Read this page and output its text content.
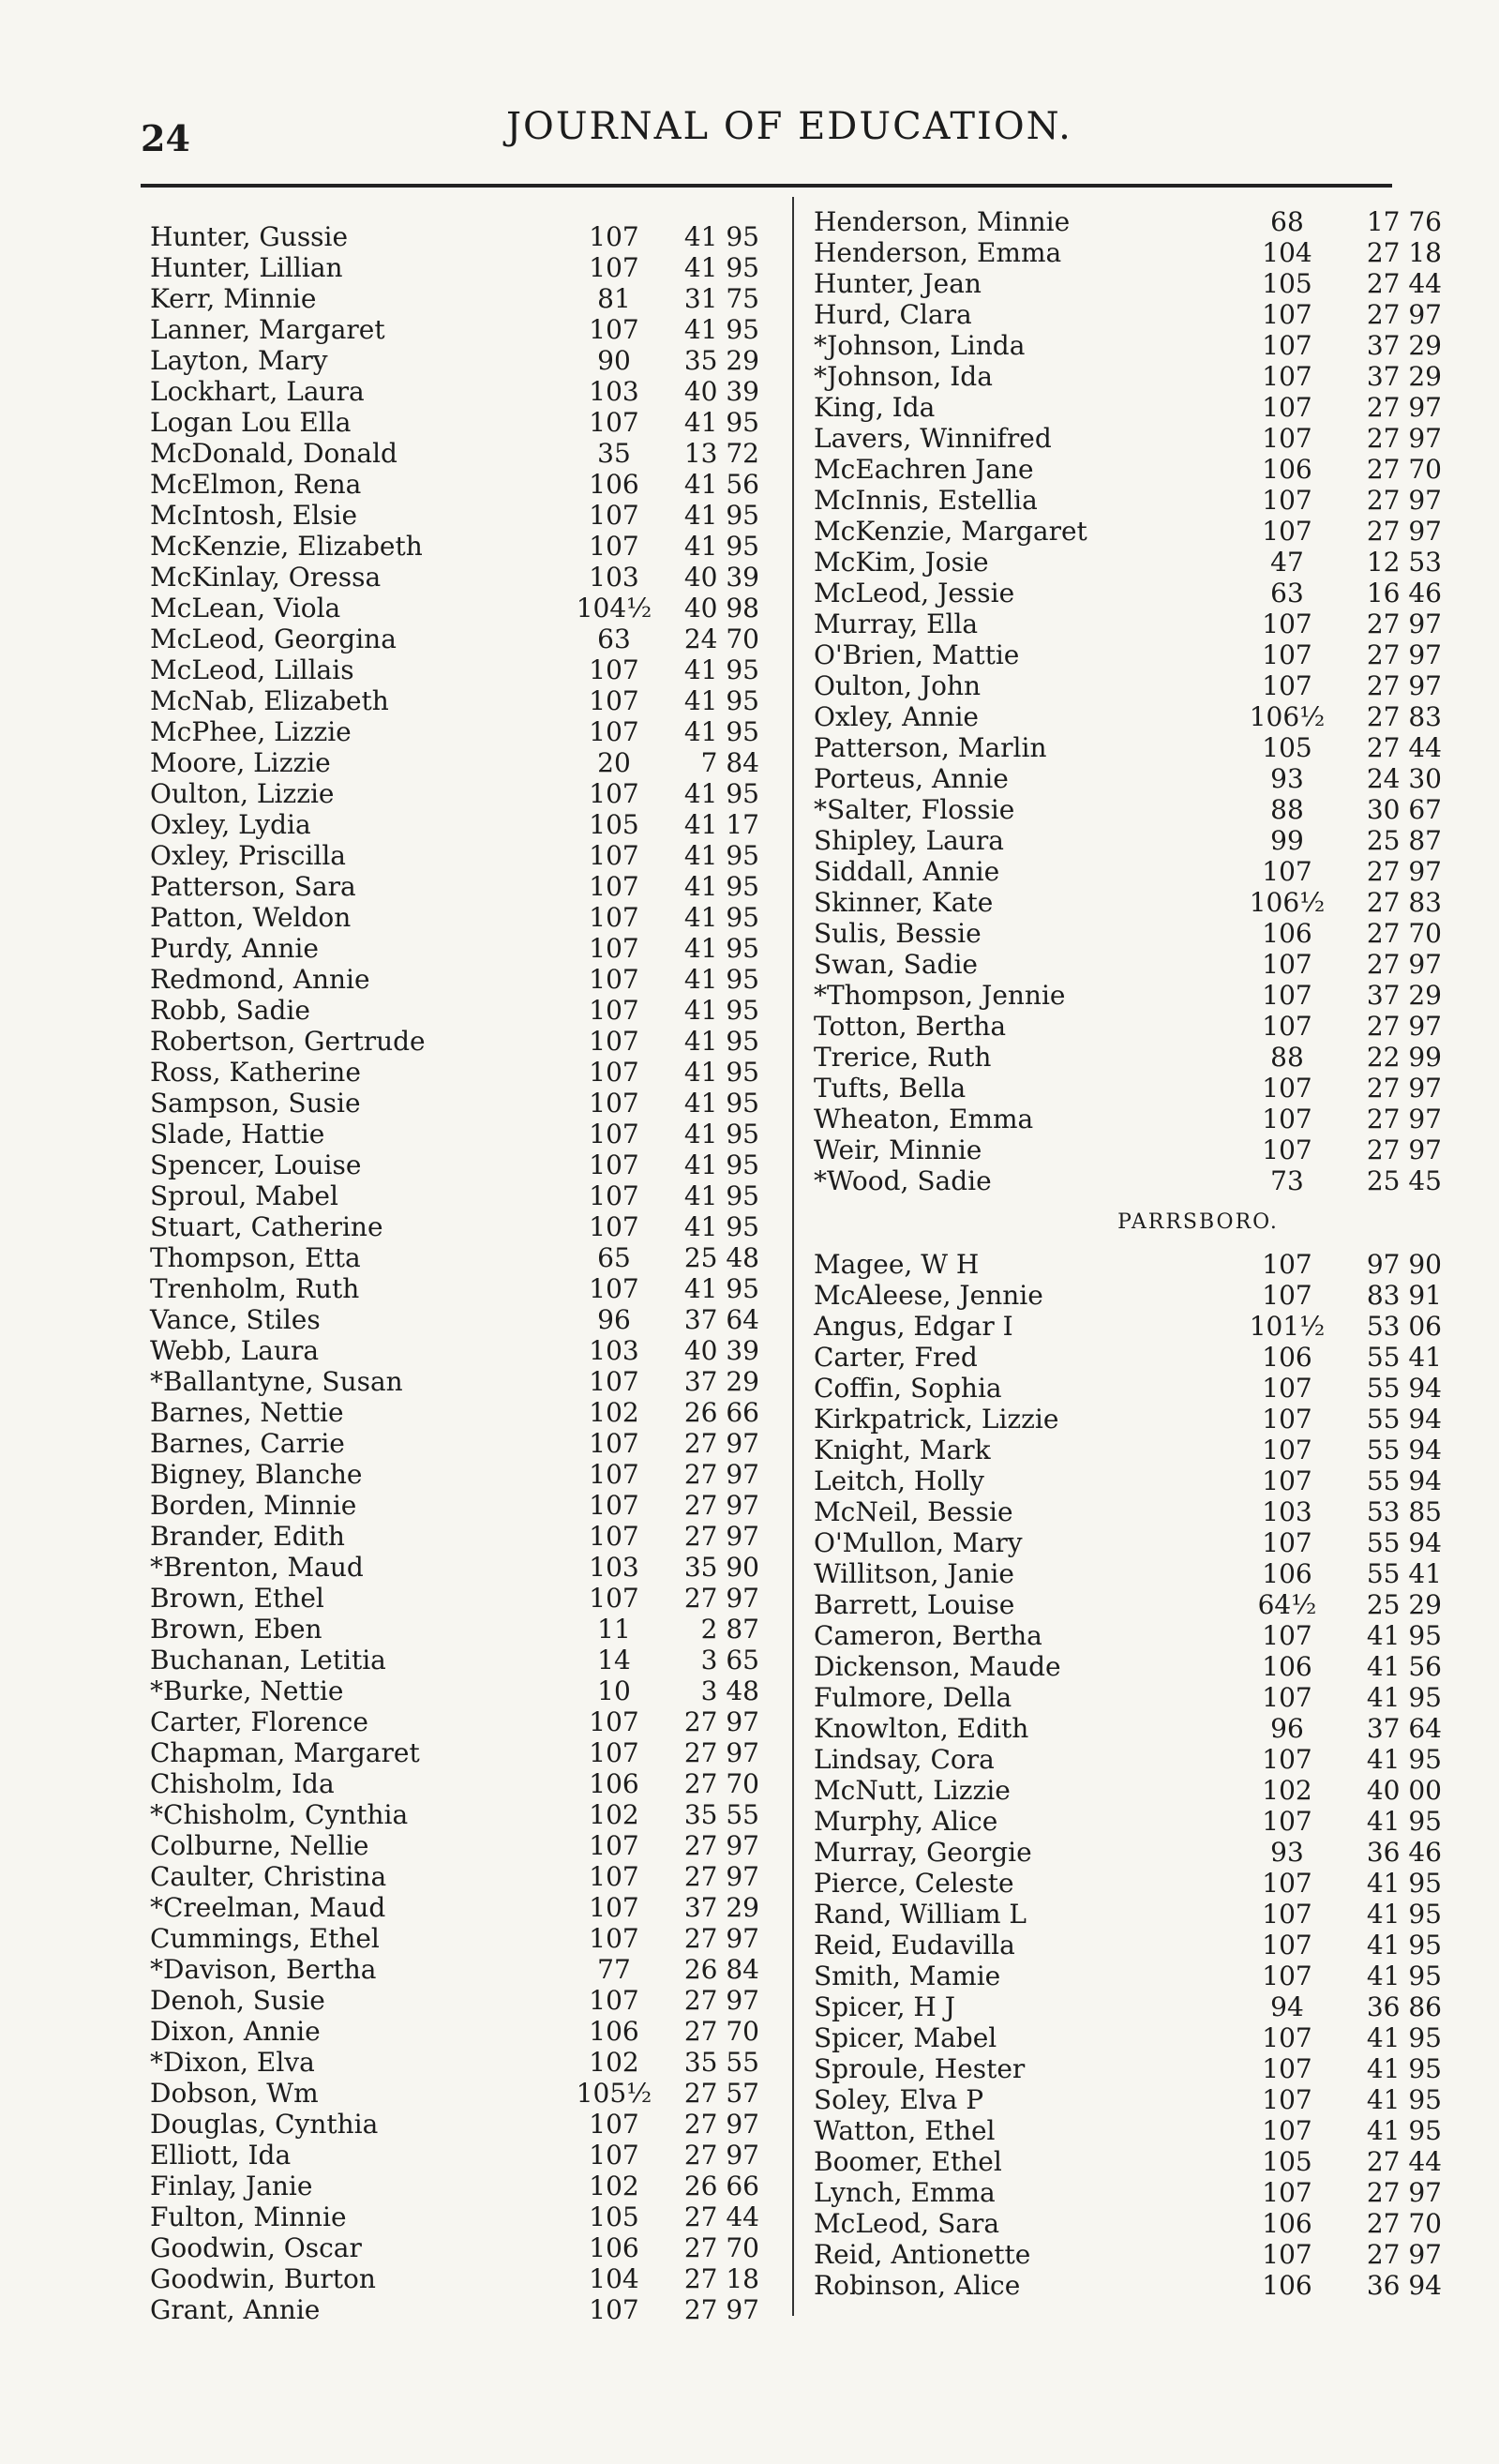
24	JOURNAL OF EDUCATION.
Hunter, Gussie	107	41 95
Hunter, Lillian	107	41 95
Kerr, Minnie	81	31 75
Lanner, Margaret	107	41 95
Layton, Mary	90	35 29
Lockhart, Laura	103	40 39
Logan Lou Ella	107	41 95
McDonald, Donald	35	13 72
McElmon, Rena	106	41 56
McIntosh, Elsie	107	41 95
McKenzie, Elizabeth	107	41 95
McKinlay, Oressa	103	40 39
McLean, Viola	104½	40 98
McLeod, Georgina	63	24 70
McLeod, Lillais	107	41 95
McNab, Elizabeth	107	41 95
McPhee, Lizzie	107	41 95
Moore, Lizzie	20	7 84
Oulton, Lizzie	107	41 95
Oxley, Lydia	105	41 17
Oxley, Priscilla	107	41 95
Patterson, Sara	107	41 95
Patton, Weldon	107	41 95
Purdy, Annie	107	41 95
Redmond, Annie	107	41 95
Robb, Sadie	107	41 95
Robertson, Gertrude	107	41 95
Ross, Katherine	107	41 95
Sampson, Susie	107	41 95
Slade, Hattie	107	41 95
Spencer, Louise	107	41 95
Sproul, Mabel	107	41 95
Stuart, Catherine	107	41 95
Thompson, Etta	65	25 48
Trenholm, Ruth	107	41 95
Vance, Stiles	96	37 64
Webb, Laura	103	40 39
*Ballantyne, Susan	107	37 29
Barnes, Nettie	102	26 66
Barnes, Carrie	107	27 97
Bigney, Blanche	107	27 97
Borden, Minnie	107	27 97
Brander, Edith	107	27 97
*Brenton, Maud	103	35 90
Brown, Ethel	107	27 97
Brown, Eben	11	2 87
Buchanan, Letitia	14	3 65
*Burke, Nettie	10	3 48
Carter, Florence	107	27 97
Chapman, Margaret	107	27 97
Chisholm, Ida	106	27 70
*Chisholm, Cynthia	102	35 55
Colburne, Nellie	107	27 97
Caulter, Christina	107	27 97
*Creelman, Maud	107	37 29
Cummings, Ethel	107	27 97
*Davison, Bertha	77	26 84
Denoh, Susie	107	27 97
Dixon, Annie	106	27 70
*Dixon, Elva	102	35 55
Dobson, Wm	105½	27 57
Douglas, Cynthia	107	27 97
Elliott, Ida	107	27 97
Finlay, Janie	102	26 66
Fulton, Minnie	105	27 44
Goodwin, Oscar	106	27 70
Goodwin, Burton	104	27 18
Grant, Annie	107	27 97
Henderson, Minnie	68	17 76
Henderson, Emma	104	27 18
Hunter, Jean	105	27 44
Hurd, Clara	107	27 97
*Johnson, Linda	107	37 29
*Johnson, Ida	107	37 29
King, Ida	107	27 97
Lavers, Winnifred	107	27 97
McEachren Jane	106	27 70
McInnis, Estellia	107	27 97
McKenzie, Margaret	107	27 97
McKim, Josie	47	12 53
McLeod, Jessie	63	16 46
Murray, Ella	107	27 97
O'Brien, Mattie	107	27 97
Oulton, John	107	27 97
Oxley, Annie	106½	27 83
Patterson, Marlin	105	27 44
Porteus, Annie	93	24 30
*Salter, Flossie	88	30 67
Shipley, Laura	99	25 87
Siddall, Annie	107	27 97
Skinner, Kate	106½	27 83
Sulis, Bessie	106	27 70
Swan, Sadie	107	27 97
*Thompson, Jennie	107	37 29
Totton, Bertha	107	27 97
Trerice, Ruth	88	22 99
Tufts, Bella	107	27 97
Wheaton, Emma	107	27 97
Weir, Minnie	107	27 97
*Wood, Sadie	73	25 45
PARRSBORO.
Magee, W H	107	97 90
McAleese, Jennie	107	83 91
Angus, Edgar I	101½	53 06
Carter, Fred	106	55 41
Coffin, Sophia	107	55 94
Kirkpatrick, Lizzie	107	55 94
Knight, Mark	107	55 94
Leitch, Holly	107	55 94
McNeil, Bessie	103	53 85
O'Mullon, Mary	107	55 94
Willitson, Janie	106	55 41
Barrett, Louise	64½	25 29
Cameron, Bertha	107	41 95
Dickenson, Maude	106	41 56
Fulmore, Della	107	41 95
Knowlton, Edith	96	37 64
Lindsay, Cora	107	41 95
McNutt, Lizzie	102	40 00
Murphy, Alice	107	41 95
Murray, Georgie	93	36 46
Pierce, Celeste	107	41 95
Rand, William L	107	41 95
Reid, Eudavilla	107	41 95
Smith, Mamie	107	41 95
Spicer, H J	94	36 86
Spicer, Mabel	107	41 95
Sproule, Hester	107	41 95
Soley, Elva P	107	41 95
Watton, Ethel	107	41 95
Boomer, Ethel	105	27 44
Lynch, Emma	107	27 97
McLeod, Sara	106	27 70
Reid, Antionette	107	27 97
Robinson, Alice	106	36 94
